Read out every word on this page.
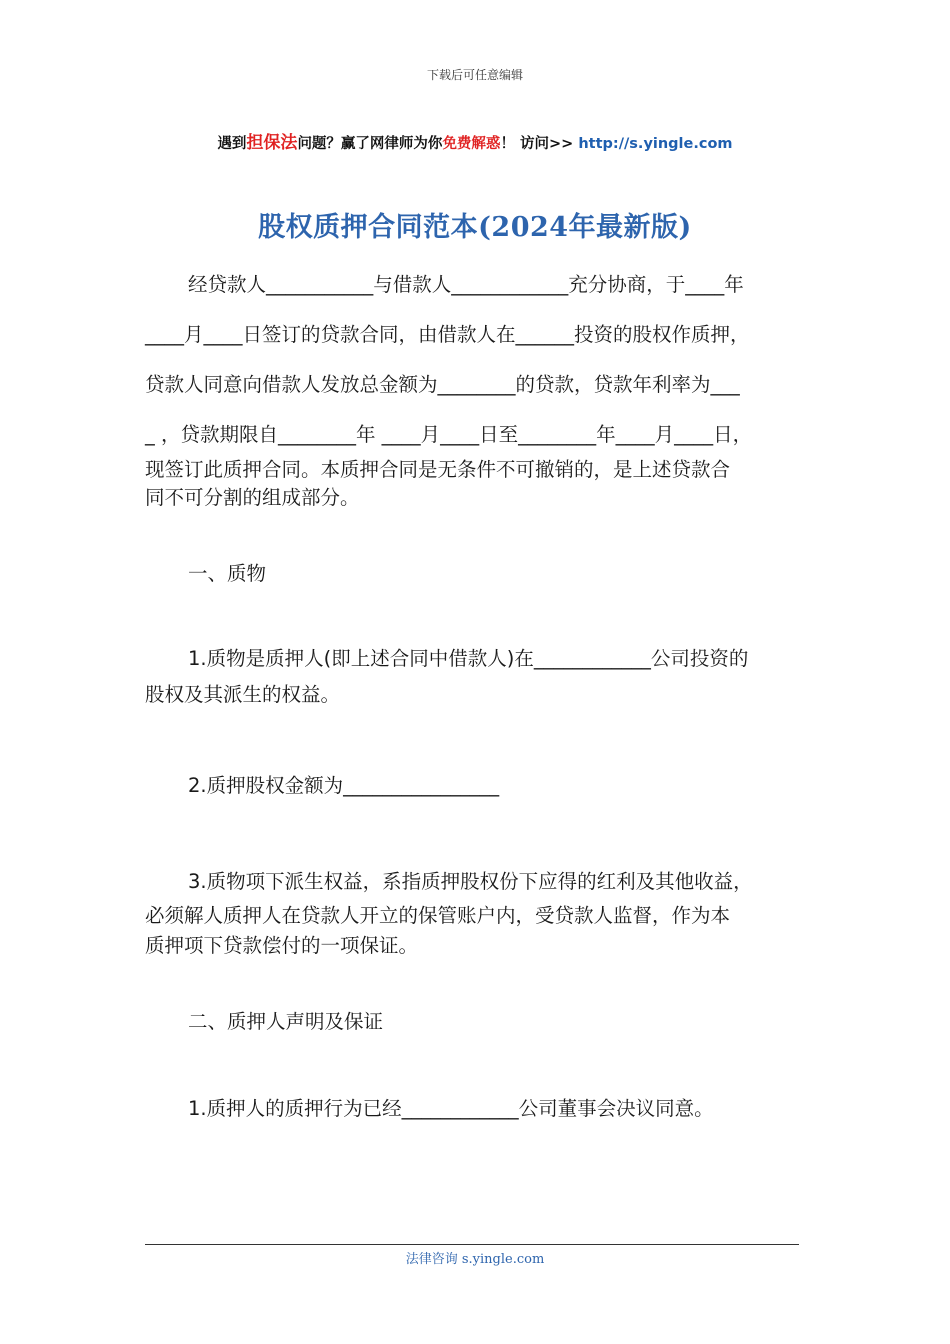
下载后可任意编辑
遇到担保法问题？赢了网律师为你免费解惑！ 访问>> http://s.yingle.com
股权质押合同范本(2024年最新版)
经贷款人___________与借款人____________充分协商，于____年
____月____日签订的贷款合同，由借款人在______投资的股权作质押，
贷款人同意向借款人发放总金额为________的贷款，贷款年利率为___
_ ，贷款期限自________年 ____月____日至________年____月____日，
现签订此质押合同。本质押合同是无条件不可撤销的，是上述贷款合
同不可分割的组成部分。
一、质物
1.质物是质押人(即上述合同中借款人)在____________公司投资的
股权及其派生的权益。
2.质押股权金额为________________
3.质物项下派生权益，系指质押股权份下应得的红利及其他收益，
必须解人质押人在贷款人开立的保管账户内，受贷款人监督，作为本
质押项下贷款偿付的一项保证。
二、质押人声明及保证
1.质押人的质押行为已经____________公司董事会决议同意。
法律咨询 s.yingle.com
